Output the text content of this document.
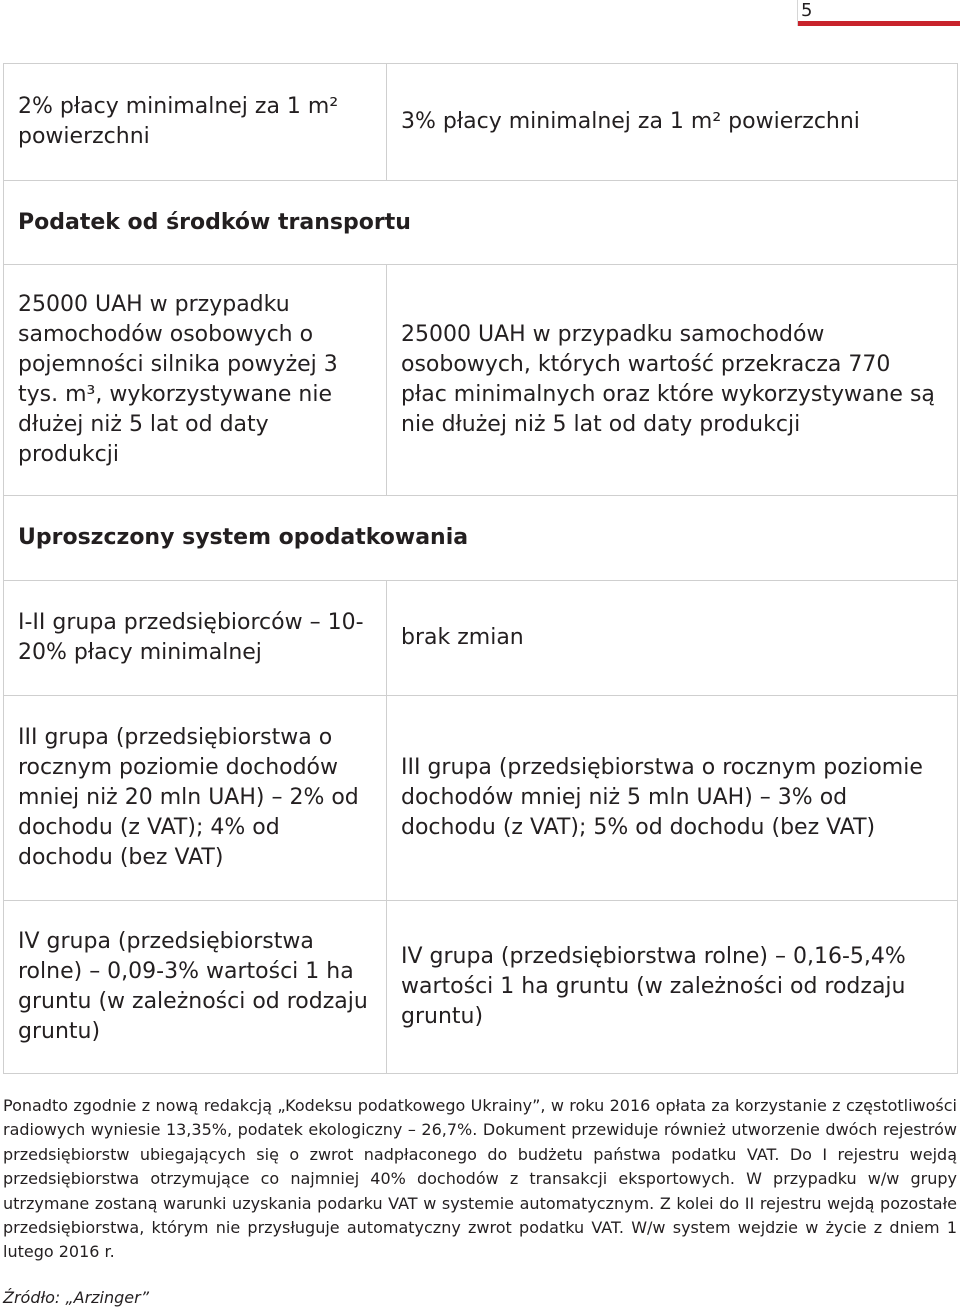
5
2% płacy minimalnej za 1 m² powierzchni	3% płacy minimalnej za 1 m² powierzchni
Podatek od środków transportu	
25000 UAH w przypadku samochodów osobowych o pojemności silnika powyżej 3 tys. m³, wykorzystywane nie dłużej niż 5 lat od daty produkcji	25000 UAH w przypadku samochodów osobowych, których wartość przekracza 770 płac minimalnych oraz które wykorzystywane są nie dłużej niż 5 lat od daty produkcji
Uproszczony system opodatkowania	
I-II grupa przedsiębiorców – 10-20% płacy minimalnej	brak zmian
III grupa (przedsiębiorstwa o rocznym poziomie dochodów mniej niż 20 mln UAH) – 2% od dochodu (z VAT); 4% od dochodu (bez VAT)	III grupa (przedsiębiorstwa o rocznym poziomie dochodów mniej niż 5 mln UAH) – 3% od dochodu (z VAT); 5% od dochodu (bez VAT)
IV grupa (przedsiębiorstwa rolne) – 0,09-3% wartości 1 ha gruntu (w zależności od rodzaju gruntu)	IV grupa (przedsiębiorstwa rolne) – 0,16-5,4% wartości 1 ha gruntu (w zależności od rodzaju gruntu)

Ponadto zgodnie z nową redakcją „Kodeksu podatkowego Ukrainy”, w roku 2016 opłata za korzystanie z częstotliwości radiowych wyniesie 13,35%, podatek ekologiczny – 26,7%. Dokument przewiduje również utworzenie dwóch rejestrów przedsiębiorstw ubiegających się o zwrot nadpłaconego do budżetu państwa podatku VAT. Do I rejestru wejdą przedsiębiorstwa otrzymujące co najmniej 40% dochodów z transakcji eksportowych. W przypadku w/w grupy utrzymane zostaną warunki uzyskania podarku VAT w systemie automatycznym. Z kolei do II rejestru wejdą pozostałe przedsiębiorstwa, którym nie przysługuje automatyczny zwrot podatku VAT. W/w system wejdzie w życie z dniem 1 lutego 2016 r.

Źródło: „Arzinger”
